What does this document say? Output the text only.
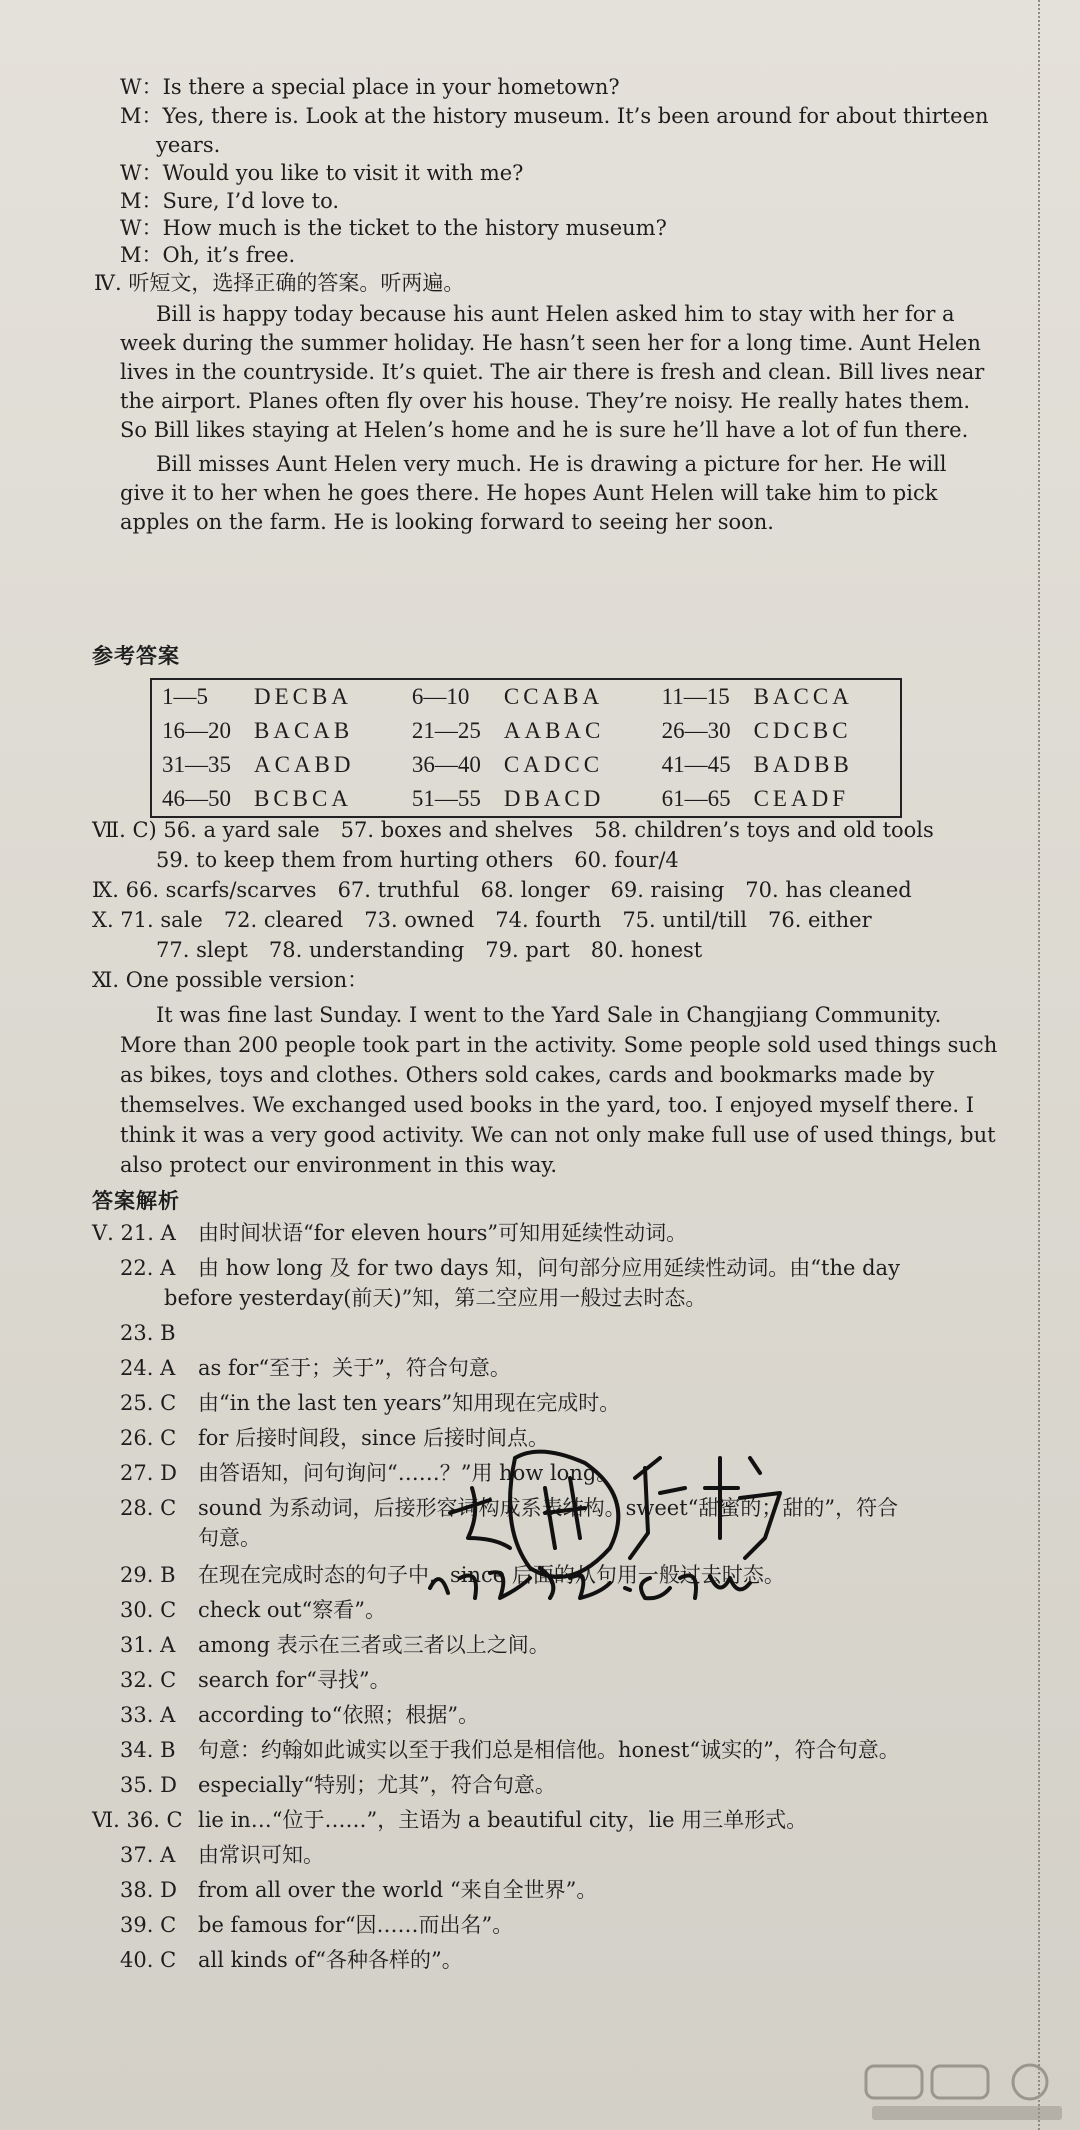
W：Is there a special place in your hometown?
M：Yes, there is. Look at the history museum. It’s been around for about thirteen
years.
W：Would you like to visit it with me?
M：Sure, I’d love to.
W：How much is the ticket to the history museum?
M：Oh, it’s free.
Ⅳ. 听短文，选择正确的答案。听两遍。
Bill is happy today because his aunt Helen asked him to stay with her for a
week during the summer holiday. He hasn’t seen her for a long time. Aunt Helen
lives in the countryside. It’s quiet. The air there is fresh and clean. Bill lives near
the airport. Planes often fly over his house. They’re noisy. He really hates them.
So Bill likes staying at Helen’s home and he is sure he’ll have a lot of fun there.
Bill misses Aunt Helen very much. He is drawing a picture for her. He will
give it to her when he goes there. He hopes Aunt Helen will take him to pick
apples on the farm. He is looking forward to seeing her soon.
参考答案
1—5 DECBA	6—10 CCABA	11—15 BACCA
16—20 BACAB	21—25 AABAC	26—30 CDCBC
31—35 ACABD	36—40 CADCC	41—45 BADBB
46—50 BCBCA	51—55 DBACD	61—65 CEADF
Ⅶ. C) 56. a yard sale　57. boxes and shelves　58. children’s toys and old tools
59. to keep them from hurting others　60. four/4
Ⅸ. 66. scarfs/scarves　67. truthful　68. longer　69. raising　70. has cleaned
Ⅹ. 71. sale　72. cleared　73. owned　74. fourth　75. until/till　76. either
77. slept　78. understanding　79. part　80. honest
Ⅺ. One possible version：
It was fine last Sunday. I went to the Yard Sale in Changjiang Community.
More than 200 people took part in the activity. Some people sold used things such
as bikes, toys and clothes. Others sold cakes, cards and bookmarks made by
themselves. We exchanged used books in the yard, too. I enjoyed myself there. I
think it was a very good activity. We can not only make full use of used things, but
also protect our environment in this way.
答案解析
Ⅴ. 21. A 由时间状语“for eleven hours”可知用延续性动词。
22. A 由 how long 及 for two days 知，问句部分应用延续性动词。由“the day
before yesterday(前天)”知，第二空应用一般过去时态。
23. B
24. A as for“至于；关于”，符合句意。
25. C 由“in the last ten years”知用现在完成时。
26. C for 后接时间段，since 后接时间点。
27. D 由答语知，问句询问“……？”用 how long。
28. C sound 为系动词，后接形容词构成系表结构。sweet“甜蜜的；甜的”，符合
句意。
29. B 在现在完成时态的句子中，since 后面的从句用一般过去时态。
30. C check out“察看”。
31. A among 表示在三者或三者以上之间。
32. C search for“寻找”。
33. A according to“依照；根据”。
34. B 句意：约翰如此诚实以至于我们总是相信他。honest“诚实的”，符合句意。
35. D especially“特别；尤其”，符合句意。
Ⅵ. 36. C lie in…“位于……”，主语为 a beautiful city，lie 用三单形式。
37. A 由常识可知。
38. D from all over the world “来自全世界”。
39. C be famous for“因……而出名”。
40. C all kinds of“各种各样的”。
